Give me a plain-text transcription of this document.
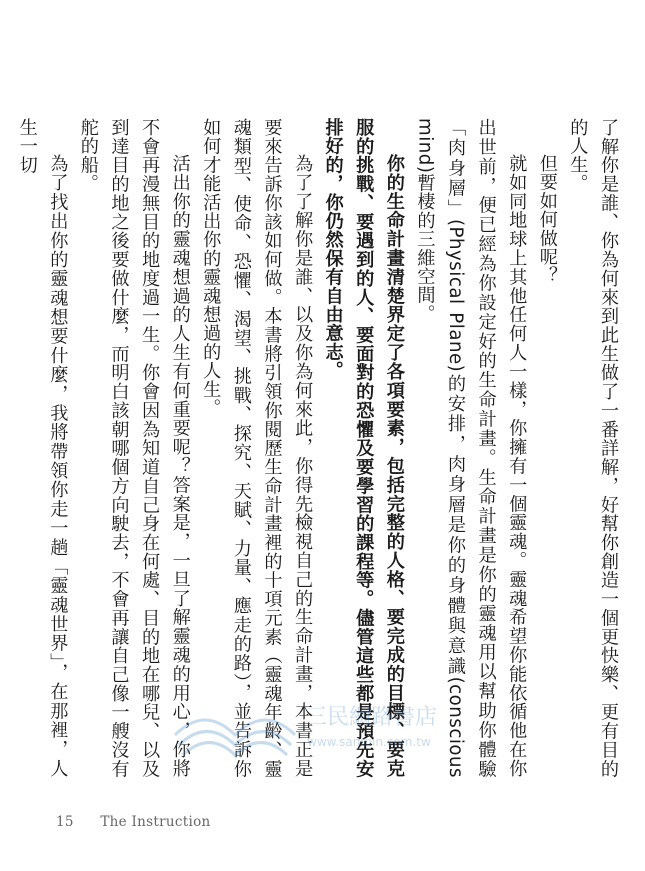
了解你是誰、你為何來到此生做了一番詳解，好幫你創造一個更快樂、更有目的的人生。

但要如何做呢？

就如同地球上其他任何人一樣，你擁有一個靈魂。靈魂希望你能依循他在你出世前，便已經為你設定好的生命計畫。生命計畫是你的靈魂用以幫助你體驗「肉身層」(Physical Plane)的安排，肉身層是你的身體與意識(conscious mind)暫棲的三維空間。

你的生命計畫清楚界定了各項要素，包括完整的人格、要完成的目標、要克服的挑戰、要遇到的人、要面對的恐懼及要學習的課程等。儘管這些都是預先安排好的，你仍然保有自由意志。

為了了解你是誰、以及你為何來此，你得先檢視自己的生命計畫，本書正是要來告訴你該如何做。本書將引領你閱歷生命計畫裡的十項元素（靈魂年齡、靈魂類型、使命、恐懼、渴望、挑戰、探究、天賦、力量、應走的路），並告訴你如何才能活出你的靈魂想過的人生。

活出你的靈魂想過的人生有何重要呢？答案是，一旦了解靈魂的用心，你將不會再漫無目的地度過一生。你會因為知道自己身在何處、目的地在哪兒、以及到達目的地之後要做什麼，而明白該朝哪個方向駛去，不會再讓自己像一艘沒有舵的船。

為了找出你的靈魂想要什麼，我將帶領你走一趟「靈魂世界」，在那裡，人生一切

三民網路書店
www.sanmin.com.tw
15 The Instruction
